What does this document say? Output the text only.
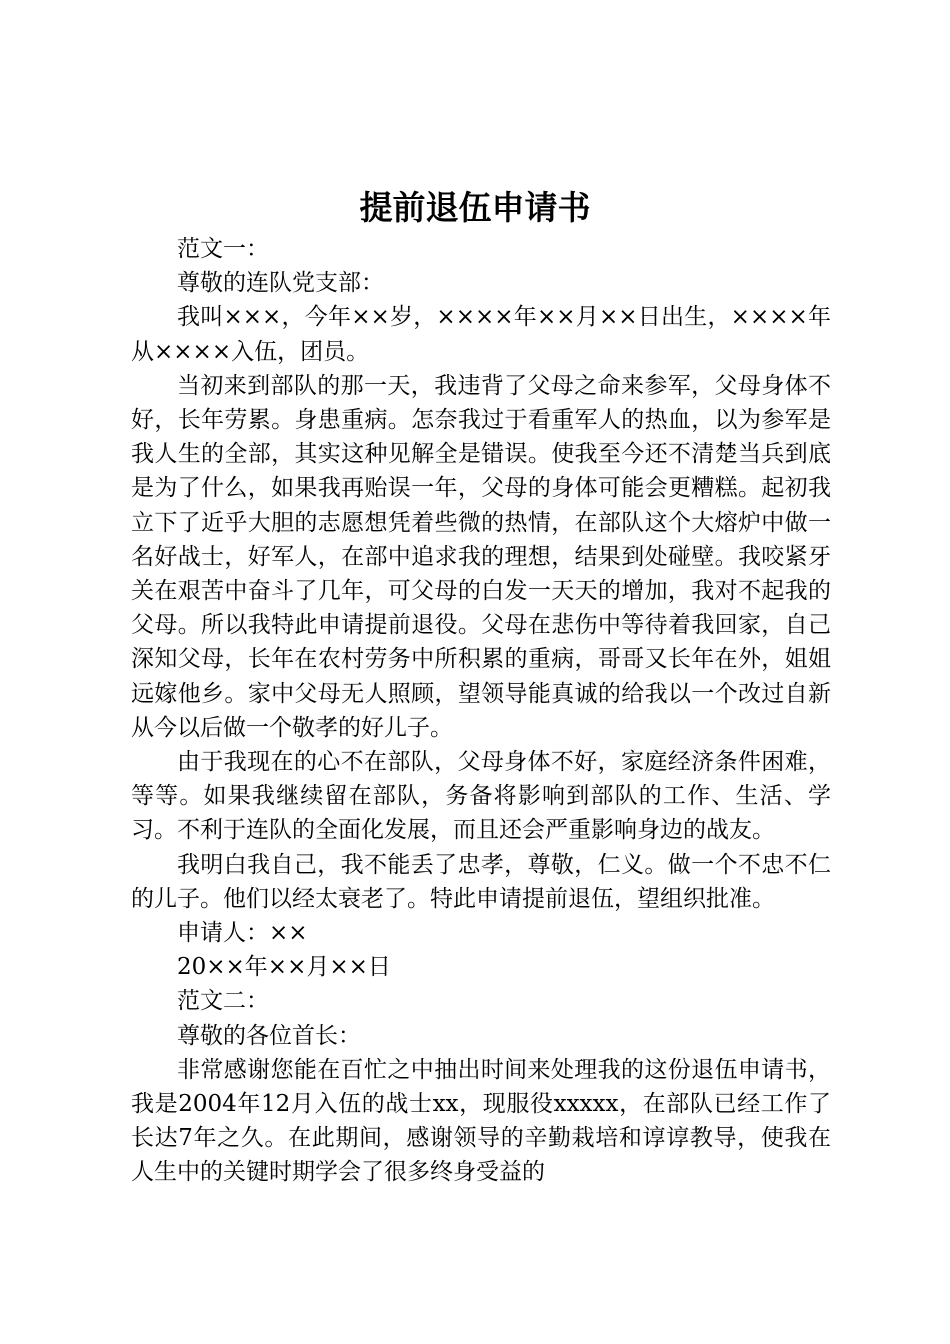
提前退伍申请书

范文一：

尊敬的连队党支部：

我叫×××，今年××岁，××××年××月××日出生，××××年从××××入伍，团员。

当初来到部队的那一天，我违背了父母之命来参军，父母身体不好，长年劳累。身患重病。怎奈我过于看重军人的热血，以为参军是我人生的全部，其实这种见解全是错误。使我至今还不清楚当兵到底是为了什么，如果我再贻误一年，父母的身体可能会更糟糕。起初我立下了近乎大胆的志愿想凭着些微的热情，在部队这个大熔炉中做一名好战士，好军人，在部中追求我的理想，结果到处碰壁。我咬紧牙关在艰苦中奋斗了几年，可父母的白发一天天的增加，我对不起我的父母。所以我特此申请提前退役。父母在悲伤中等待着我回家，自己深知父母，长年在农村劳务中所积累的重病，哥哥又长年在外，姐姐远嫁他乡。家中父母无人照顾，望领导能真诚的给我以一个改过自新从今以后做一个敬孝的好儿子。

由于我现在的心不在部队，父母身体不好，家庭经济条件困难，等等。如果我继续留在部队，务备将影响到部队的工作、生活、学习。不利于连队的全面化发展，而且还会严重影响身边的战友。

我明白我自己，我不能丢了忠孝，尊敬，仁义。做一个不忠不仁的儿子。他们以经太衰老了。特此申请提前退伍，望组织批准。

申请人：××

20××年××月××日

范文二：

尊敬的各位首长：

非常感谢您能在百忙之中抽出时间来处理我的这份退伍申请书，我是2004年12月入伍的战士xx，现服役xxxxx，在部队已经工作了长达7年之久。在此期间，感谢领导的辛勤栽培和谆谆教导，使我在人生中的关键时期学会了很多终身受益的
